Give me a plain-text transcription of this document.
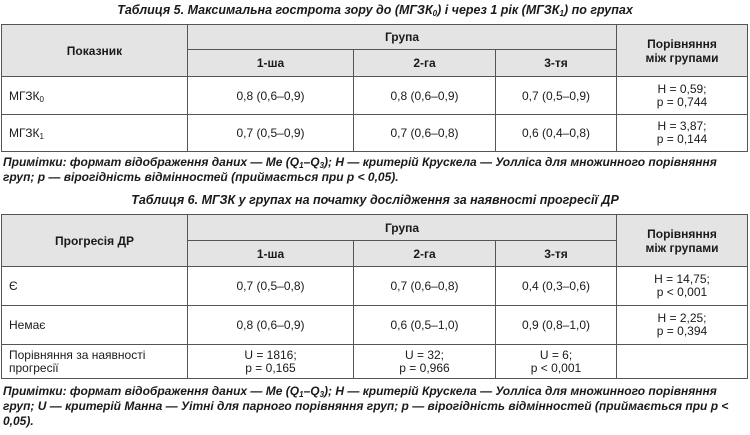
Таблиця 5. Максимальна гострота зору до $(МГЗК_0)$ і через 1 рік $(МГЗК_1)$ по групах
Показник	Група			Порівняння
між групами
	1-ша	2-га	3-тя	
$МГЗК_0$	0,8 (0,6–0,9)	0,8 (0,6–0,9)	0,7 (0,5–0,9)	H = 0,59;
p = 0,744
$МГЗК_1$	0,7 (0,5–0,9)	0,7 (0,6–0,8)	0,6 (0,4–0,8)	H = 3,87;
p = 0,144
Примітки: формат відображення даних — Me $(Q_1-Q_3)$; H — критерій Крускела — Уолліса для множинного порівняння груп; p — вірогідність відмінностей (приймається при p < 0,05).
Таблиця 6. МГЗК у групах на початку дослідження за наявності прогресії ДР
Прогресія ДР	Група			Порівняння
між групами
	1-ша	2-га	3-тя	
Є	0,7 (0,5–0,8)	0,7 (0,6–0,8)	0,4 (0,3–0,6)	H = 14,75;
p < 0,001
Немає	0,8 (0,6–0,9)	0,6 (0,5–1,0)	0,9 (0,8–1,0)	H = 2,25;
p = 0,394
Порівняння за наявності
прогресії	U = 1816;
p = 0,165	U = 32;
p = 0,966	U = 6;
p < 0,001	
Примітки: формат відображення даних — Me $(Q_1-Q_3)$; H — критерій Крускела — Уолліса для множинного порівняння груп; U — критерій Манна — Уітні для парного порівняння груп; p — вірогідність відмінностей (приймається при p < 0,05).
